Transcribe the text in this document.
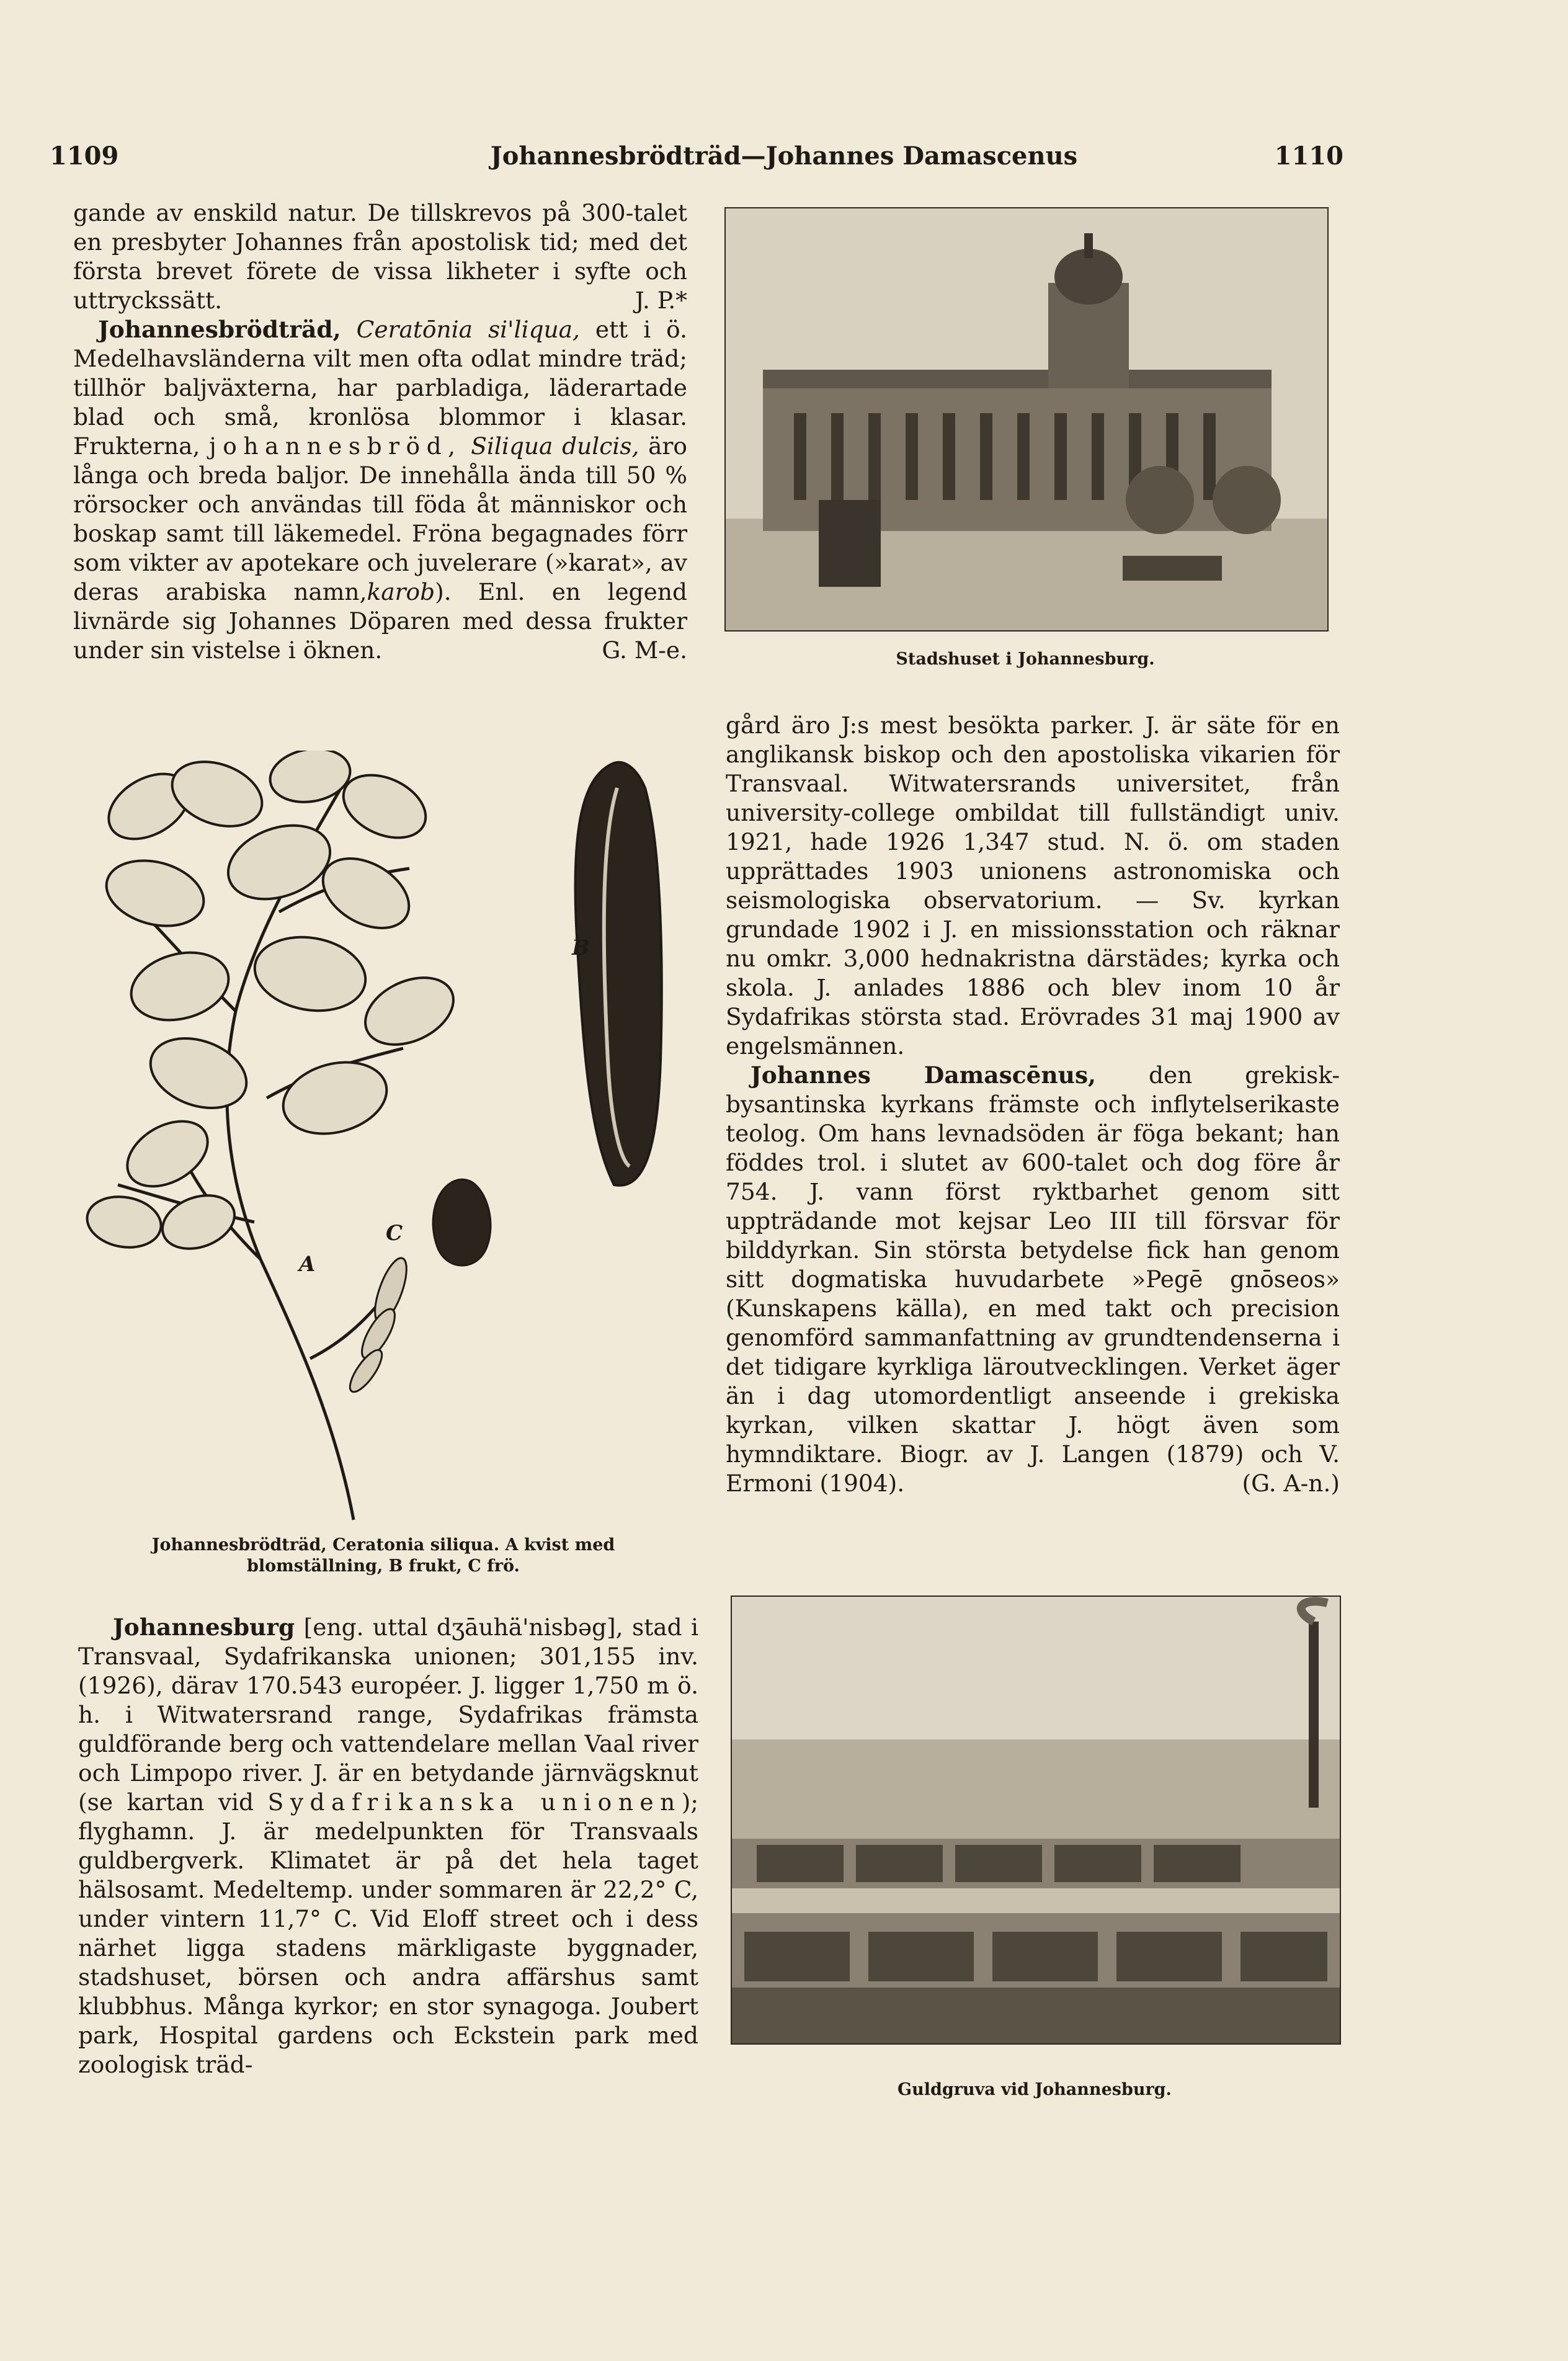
1109	Johannesbrödträd—Johannes Damascenus	1110

gande av enskild natur. De tillskrevos på 300-talet en presbyter Johannes från apostolisk tid; med det första brevet förete de vissa likheter i syfte och uttryckssätt.	J. P.*

Johannesbrödträd, Ceratōnia si'liqua, ett i ö. Medelhavsländerna vilt men ofta odlat mindre träd; tillhör baljväxterna, har parbladiga, läderartade blad och små, kronlösa blommor i klasar. Frukterna, johannesbröd, Siliqua dulcis, äro långa och breda baljor. De innehålla ända till 50 % rörsocker och användas till föda åt människor och boskap samt till läkemedel. Fröna begagnades förr som vikter av apotekare och juvelerare (»karat», av deras arabiska namn,karob). Enl. en legend livnärde sig Johannes Döparen med dessa frukter under sin vistelse i öknen.	G. M-e.

B
C
A
Johannesbrödträd, Ceratonia siliqua. A kvist med
blomställning, B frukt, C frö.

Johannesburg [eng. uttal dʒāuhä'nisbəg], stad i Transvaal, Sydafrikanska unionen; 301,155 inv. (1926), därav 170.543 européer. J. ligger 1,750 m ö. h. i Witwatersrand range, Sydafrikas främsta guldförande berg och vattendelare mellan Vaal river och Limpopo river. J. är en betydande järnvägsknut (se kartan vid Sydafrikanska unionen); flyghamn. J. är medelpunkten för Transvaals guldbergverk. Klimatet är på det hela taget hälsosamt. Medeltemp. under sommaren är 22,2° C, under vintern 11,7° C. Vid Eloff street och i dess närhet ligga stadens märkligaste byggnader, stadshuset, börsen och andra affärshus samt klubbhus. Många kyrkor; en stor synagoga. Joubert park, Hospital gardens och Eckstein park med zoologisk träd-

Stadshuset i Johannesburg.

gård äro J:s mest besökta parker. J. är säte för en anglikansk biskop och den apostoliska vikarien för Transvaal. Witwatersrands universitet, från university-college ombildat till fullständigt univ. 1921, hade 1926 1,347 stud. N. ö. om staden upprättades 1903 unionens astronomiska och seismologiska observatorium. — Sv. kyrkan grundade 1902 i J. en missionsstation och räknar nu omkr. 3,000 hednakristna därstädes; kyrka och skola. J. anlades 1886 och blev inom 10 år Sydafrikas största stad. Erövrades 31 maj 1900 av engelsmännen.

Johannes Damascēnus, den grekisk-bysantinska kyrkans främste och inflytelserikaste teolog. Om hans levnadsöden är föga bekant; han föddes trol. i slutet av 600-talet och dog före år 754. J. vann först ryktbarhet genom sitt uppträdande mot kejsar Leo III till försvar för bilddyrkan. Sin största betydelse fick han genom sitt dogmatiska huvudarbete »Pegē gnōseos» (Kunskapens källa), en med takt och precision genomförd sammanfattning av grundtendenserna i det tidigare kyrkliga läroutvecklingen. Verket äger än i dag utomordentligt anseende i grekiska kyrkan, vilken skattar J. högt även som hymndiktare. Biogr. av J. Langen (1879) och V. Ermoni (1904).	(G. A-n.)

Guldgruva vid Johannesburg.
